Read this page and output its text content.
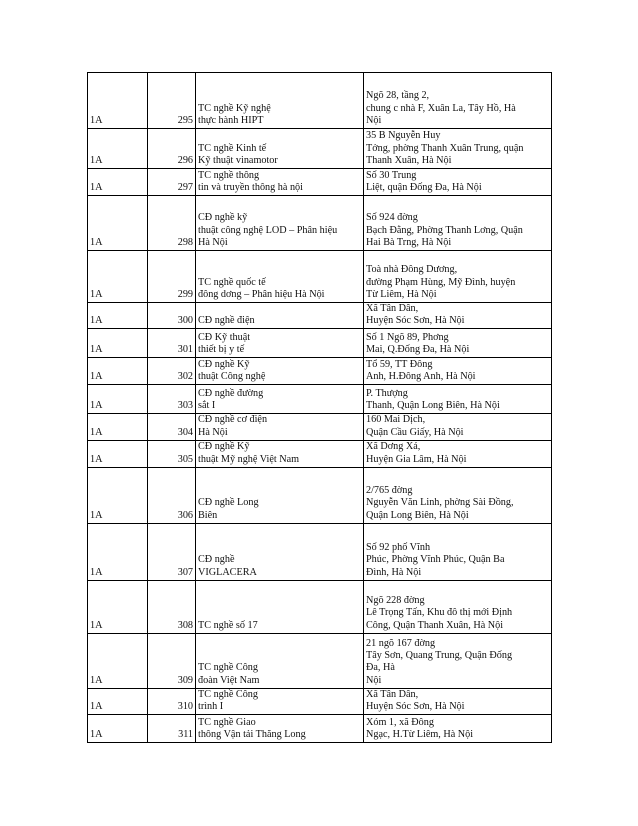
1A	295	TC nghề Kỹ nghệ
thực hành HIPT	Ngõ 28, tầng 2,
chung c nhà F, Xuân La, Tây Hồ, Hà
Nội

1A	296	TC nghề Kinh tế
Kỹ thuật vinamotor	35 B Nguyễn Huy
Tởng, phờng Thanh Xuân Trung, quận
Thanh Xuân, Hà Nội

1A	297	TC nghề thông
tin và truyền thông hà nội	Số 30 Trung
Liệt, quận Đống Đa, Hà Nội

1A	298	CĐ nghề kỹ
thuật công nghệ LOD – Phân hiệu
Hà Nội	Số 924 đờng
Bạch Đằng, Phờng Thanh Lơng, Quận
Hai Bà Trng, Hà Nội

1A	299	TC nghề quốc tế
đông dơng – Phân hiệu Hà Nội	Toà nhà Đông Dương,
đường Phạm Hùng, Mỹ Đình, huyện
Từ Liêm, Hà Nội

1A	300	CĐ nghề điện	Xã Tân Dân,
Huyện Sóc Sơn, Hà Nội

1A	301	CĐ Kỹ thuật
thiết bị y tế	Số 1 Ngõ 89, Phơng
Mai, Q.Đống Đa, Hà Nội

1A	302	CĐ nghề Kỹ
thuật Công nghệ	Tổ 59, TT Đông
Anh, H.Đông Anh, Hà Nội

1A	303	CĐ nghề đường
sắt I	P. Thượng
Thanh, Quận Long Biên, Hà Nội

1A	304	CĐ nghề cơ điện
Hà Nội	160 Mai Dịch,
Quận Cầu Giấy, Hà Nội

1A	305	CĐ nghề Kỹ
thuật Mỹ nghệ Việt Nam	Xã Dơng Xá,
Huyện Gia Lâm, Hà Nội

1A	306	CĐ nghề Long
Biên	2/765 đờng
Nguyễn Văn Linh, phờng Sài Đồng,
Quận Long Biên, Hà Nội

1A	307	CĐ nghề
VIGLACERA	Số 92 phố Vĩnh
Phúc, Phờng Vĩnh Phúc, Quận Ba
Đình, Hà Nội

1A	308	TC nghề số 17	Ngõ 228 đờng
Lê Trọng Tấn, Khu đô thị mới Định
Công, Quận Thanh Xuân, Hà Nội

1A	309	TC nghề Công
đoàn Việt Nam	21 ngõ 167 đờng
Tây Sơn, Quang Trung, Quận Đống
Đa, Hà
Nội

1A	310	TC nghề Công
trình I	Xã Tân Dân,
Huyện Sóc Sơn, Hà Nội

1A	311	TC nghề Giao
thông Vận tải Thăng Long	Xóm 1, xã Đông
Ngạc, H.Từ Liêm, Hà Nội
